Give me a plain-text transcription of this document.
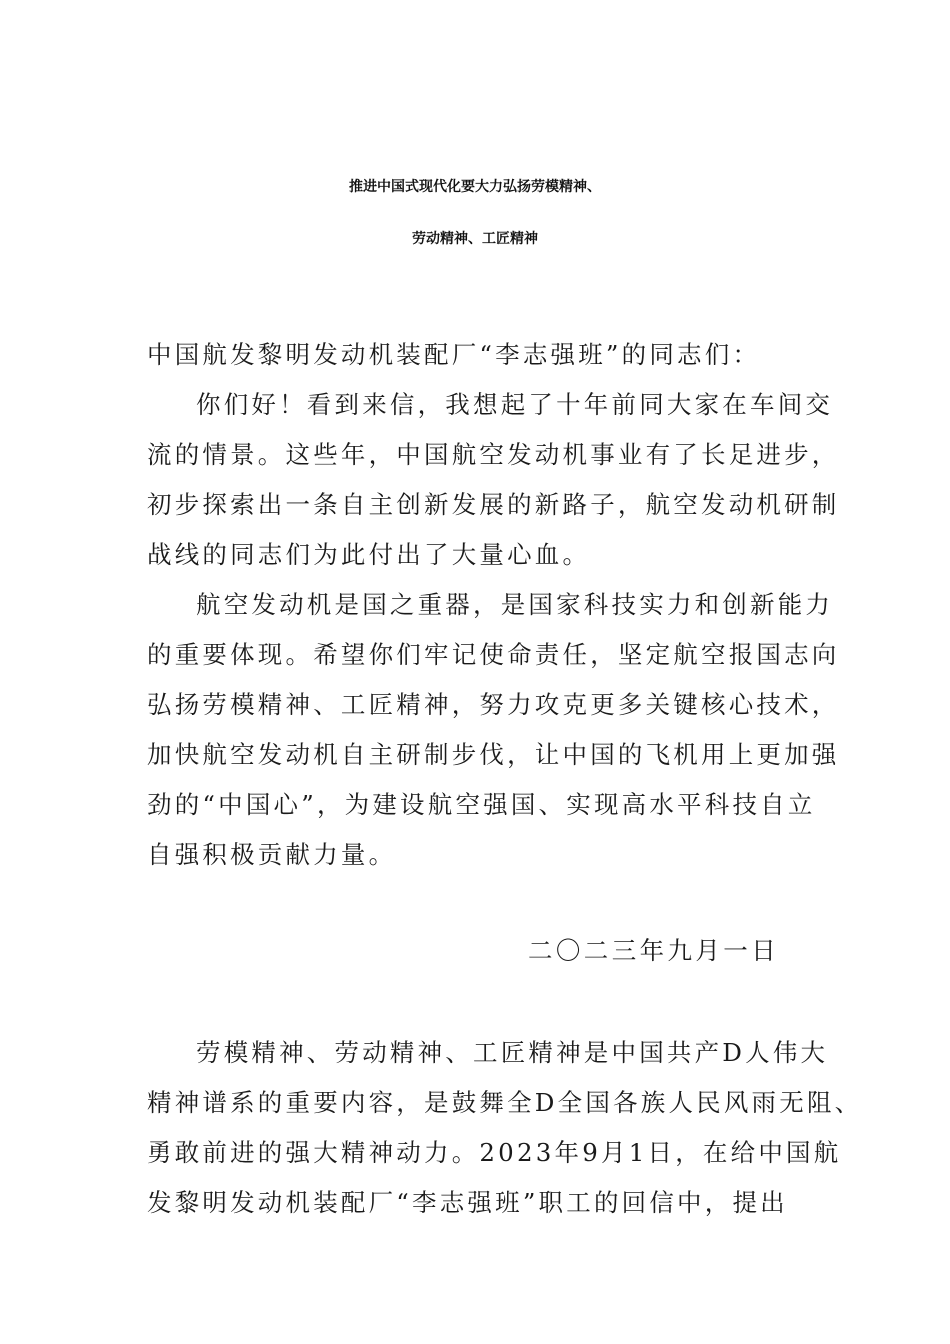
推进中国式现代化要大力弘扬劳模精神、
劳动精神、工匠精神
中国航发黎明发动机装配厂“李志强班”的同志们：
你们好！看到来信，我想起了十年前同大家在车间交
流的情景。这些年，中国航空发动机事业有了长足进步，
初步探索出一条自主创新发展的新路子，航空发动机研制
战线的同志们为此付出了大量心血。
航空发动机是国之重器，是国家科技实力和创新能力
的重要体现。希望你们牢记使命责任，坚定航空报国志向
弘扬劳模精神、工匠精神，努力攻克更多关键核心技术，
加快航空发动机自主研制步伐，让中国的飞机用上更加强
劲的“中国心”，为建设航空强国、实现高水平科技自立
自强积极贡献力量。
二〇二三年九月一日
劳模精神、劳动精神、工匠精神是中国共产D人伟大
精神谱系的重要内容，是鼓舞全D全国各族人民风雨无阻、
勇敢前进的强大精神动力。2023年9月1日，在给中国航
发黎明发动机装配厂“李志强班”职工的回信中，提出
